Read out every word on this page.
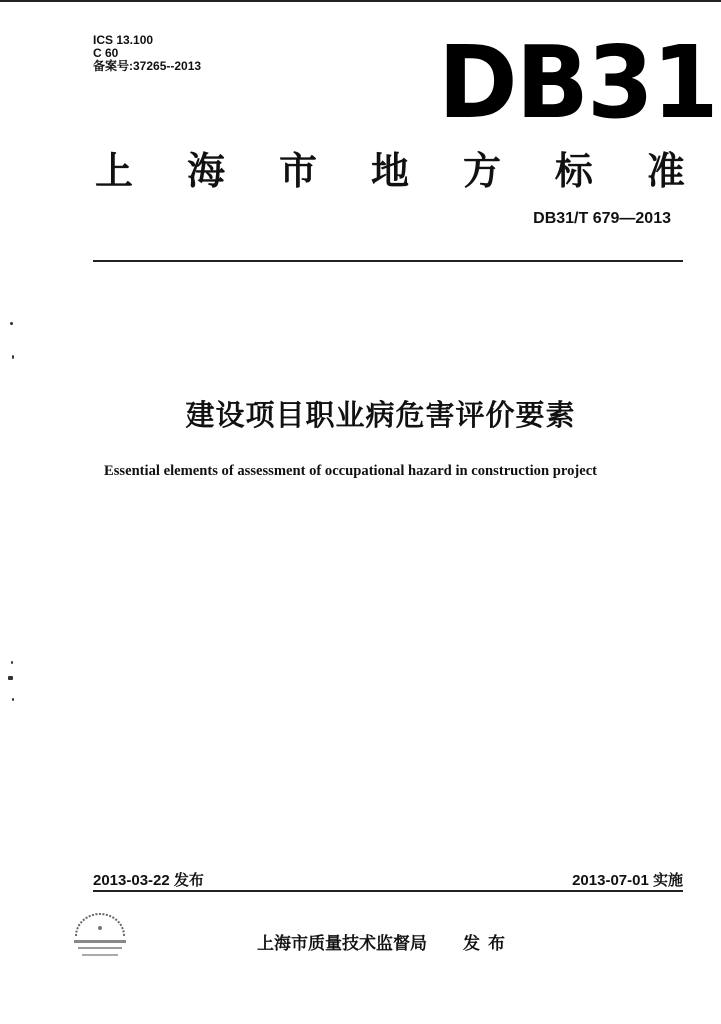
ICS 13.100
C 60
备案号:37265--2013 DB31
上 海 市 地 方 标 准
DB31/T 679—2013
建设项目职业病危害评价要素
Essential elements of assessment of occupational hazard in construction project
2013-03-22 发布	2013-07-01 实施
上海市质量技术监督局 发布
